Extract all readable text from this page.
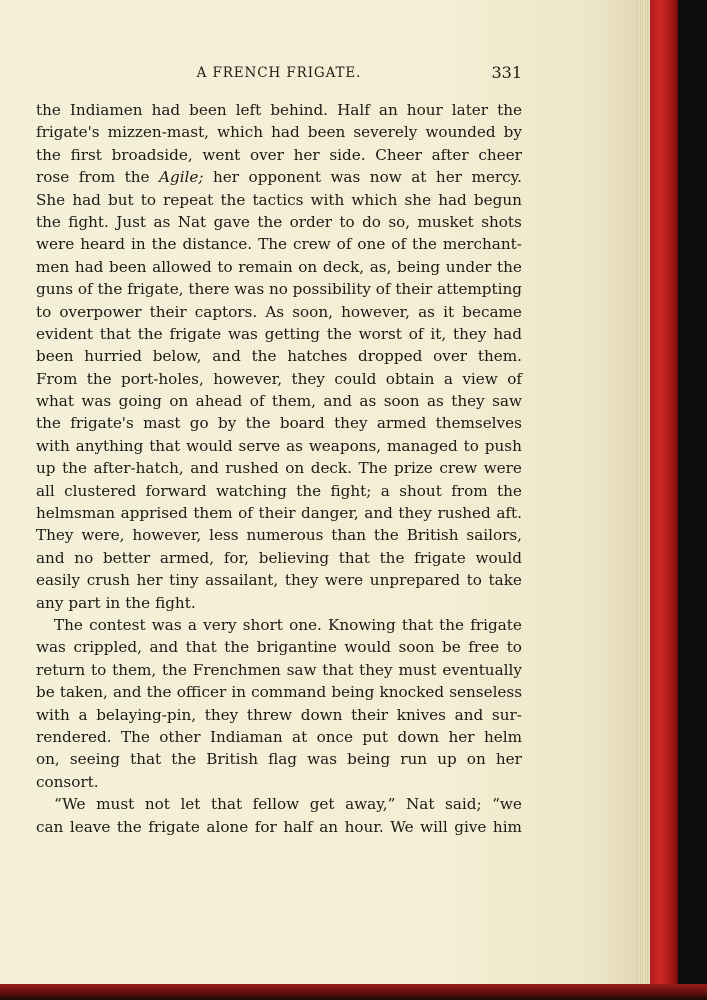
A FRENCH FRIGATE.	331
the Indiamen had been left behind. Half an hour later the
frigate's mizzen-mast, which had been severely wounded by
the first broadside, went over her side. Cheer after cheer
rose from the Agile; her opponent was now at her mercy.
She had but to repeat the tactics with which she had begun
the fight. Just as Nat gave the order to do so, musket shots
were heard in the distance. The crew of one of the merchant-
men had been allowed to remain on deck, as, being under the
guns of the frigate, there was no possibility of their attempting
to overpower their captors. As soon, however, as it became
evident that the frigate was getting the worst of it, they had
been hurried below, and the hatches dropped over them.
From the port-holes, however, they could obtain a view of
what was going on ahead of them, and as soon as they saw
the frigate's mast go by the board they armed themselves
with anything that would serve as weapons, managed to push
up the after-hatch, and rushed on deck. The prize crew were
all clustered forward watching the fight; a shout from the
helmsman apprised them of their danger, and they rushed aft.
They were, however, less numerous than the British sailors,
and no better armed, for, believing that the frigate would
easily crush her tiny assailant, they were unprepared to take
any part in the fight.
The contest was a very short one. Knowing that the frigate
was crippled, and that the brigantine would soon be free to
return to them, the Frenchmen saw that they must eventually
be taken, and the officer in command being knocked senseless
with a belaying-pin, they threw down their knives and sur-
rendered. The other Indiaman at once put down her helm
on, seeing that the British flag was being run up on her
consort.
“We must not let that fellow get away,” Nat said; “we
can leave the frigate alone for half an hour. We will give him
